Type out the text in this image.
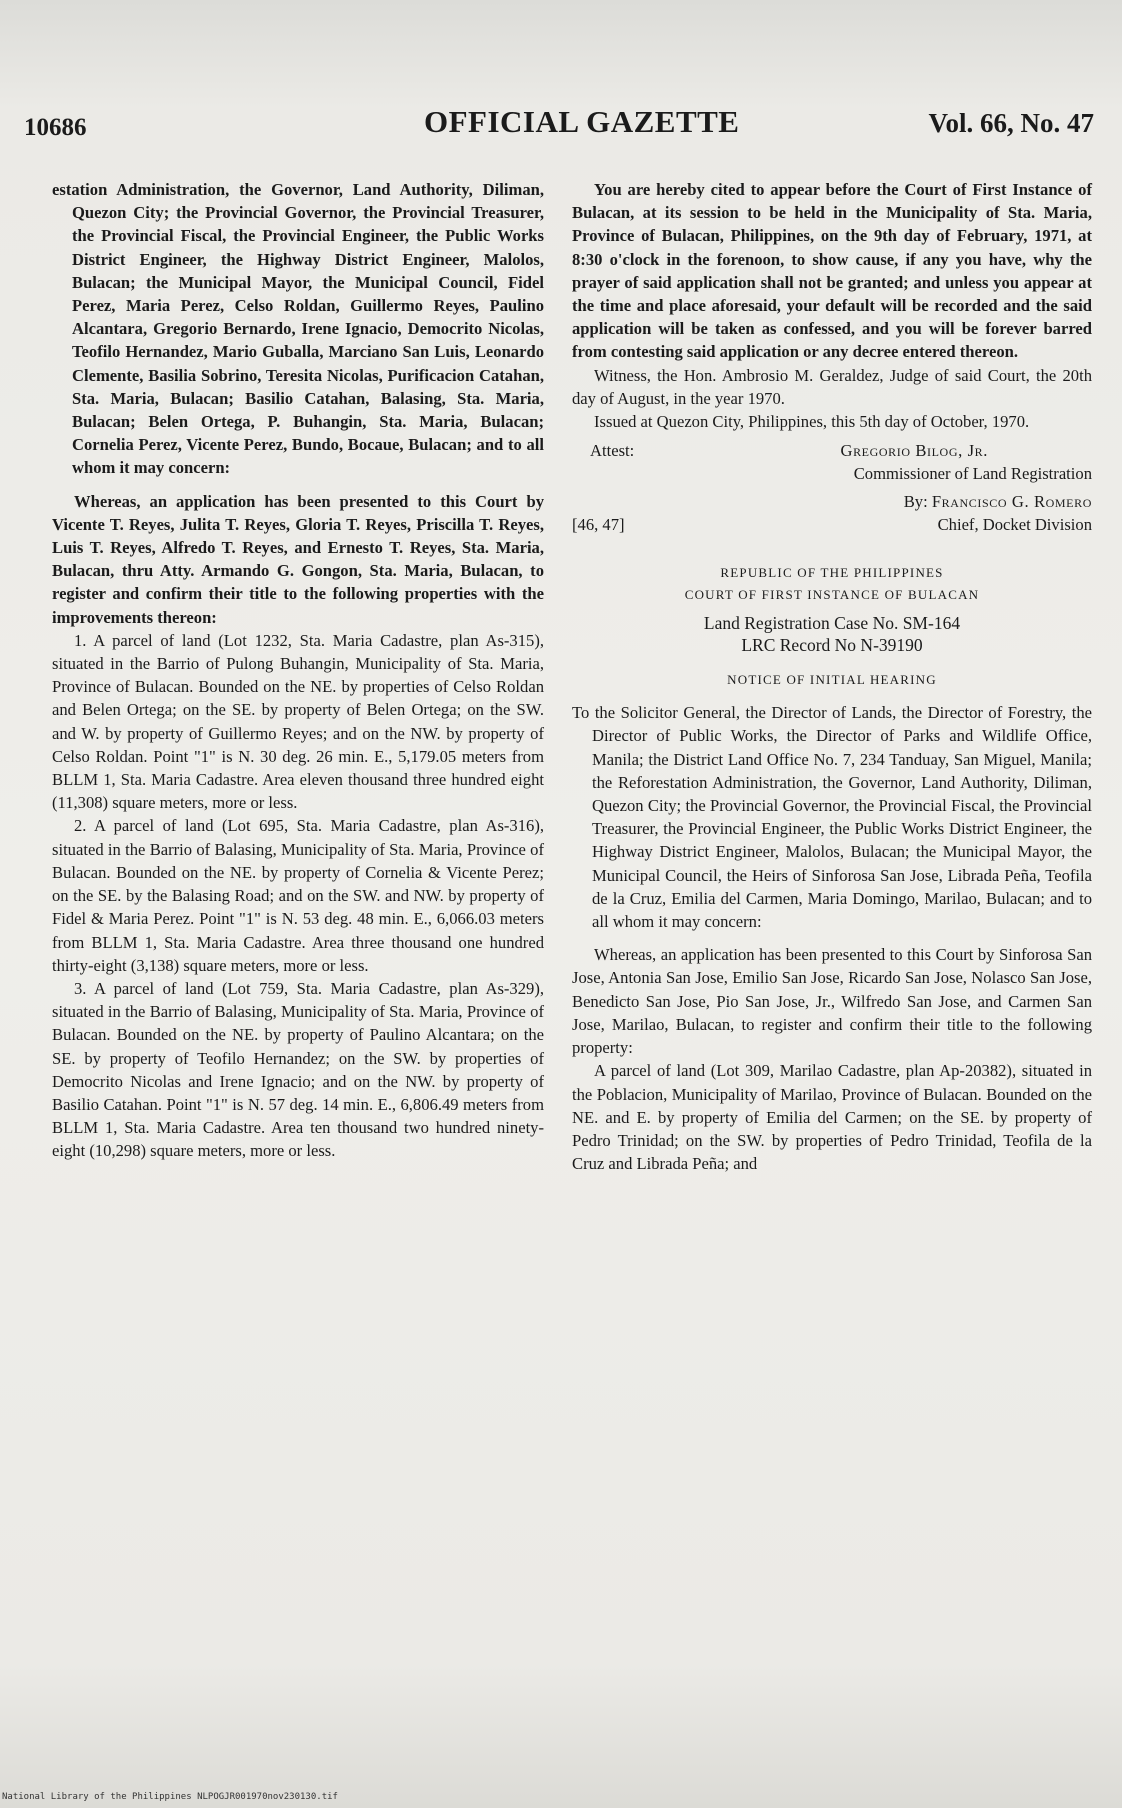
10686	OFFICIAL GAZETTE	Vol. 66, No. 47

estation Administration, the Governor, Land Authority, Diliman, Quezon City; the Provincial Governor, the Provincial Treasurer, the Provincial Fiscal, the Provincial Engineer, the Public Works District Engineer, the Highway District Engineer, Malolos, Bulacan; the Municipal Mayor, the Municipal Council, Fidel Perez, Maria Perez, Celso Roldan, Guillermo Reyes, Paulino Alcantara, Gregorio Bernardo, Irene Ignacio, Democrito Nicolas, Teofilo Hernandez, Mario Guballa, Marciano San Luis, Leonardo Clemente, Basilia Sobrino, Teresita Nicolas, Purificacion Catahan, Sta. Maria, Bulacan; Basilio Catahan, Balasing, Sta. Maria, Bulacan; Belen Ortega, P. Buhangin, Sta. Maria, Bulacan; Cornelia Perez, Vicente Perez, Bundo, Bocaue, Bulacan; and to all whom it may concern:

Whereas, an application has been presented to this Court by Vicente T. Reyes, Julita T. Reyes, Gloria T. Reyes, Priscilla T. Reyes, Luis T. Reyes, Alfredo T. Reyes, and Ernesto T. Reyes, Sta. Maria, Bulacan, thru Atty. Armando G. Gongon, Sta. Maria, Bulacan, to register and confirm their title to the following properties with the improvements thereon:

1. A parcel of land (Lot 1232, Sta. Maria Cadastre, plan As-315), situated in the Barrio of Pulong Buhangin, Municipality of Sta. Maria, Province of Bulacan. Bounded on the NE. by properties of Celso Roldan and Belen Ortega; on the SE. by property of Belen Ortega; on the SW. and W. by property of Guillermo Reyes; and on the NW. by property of Celso Roldan. Point "1" is N. 30 deg. 26 min. E., 5,179.05 meters from BLLM 1, Sta. Maria Cadastre. Area eleven thousand three hundred eight (11,308) square meters, more or less.

2. A parcel of land (Lot 695, Sta. Maria Cadastre, plan As-316), situated in the Barrio of Balasing, Municipality of Sta. Maria, Province of Bulacan. Bounded on the NE. by property of Cornelia & Vicente Perez; on the SE. by the Balasing Road; and on the SW. and NW. by property of Fidel & Maria Perez. Point "1" is N. 53 deg. 48 min. E., 6,066.03 meters from BLLM 1, Sta. Maria Cadastre. Area three thousand one hundred thirty-eight (3,138) square meters, more or less.

3. A parcel of land (Lot 759, Sta. Maria Cadastre, plan As-329), situated in the Barrio of Balasing, Municipality of Sta. Maria, Province of Bulacan. Bounded on the NE. by property of Paulino Alcantara; on the SE. by property of Teofilo Hernandez; on the SW. by properties of Democrito Nicolas and Irene Ignacio; and on the NW. by property of Basilio Catahan. Point "1" is N. 57 deg. 14 min. E., 6,806.49 meters from BLLM 1, Sta. Maria Cadastre. Area ten thousand two hundred ninety-eight (10,298) square meters, more or less.

You are hereby cited to appear before the Court of First Instance of Bulacan, at its session to be held in the Municipality of Sta. Maria, Province of Bulacan, Philippines, on the 9th day of February, 1971, at 8:30 o'clock in the forenoon, to show cause, if any you have, why the prayer of said application shall not be granted; and unless you appear at the time and place aforesaid, your default will be recorded and the said application will be taken as confessed, and you will be forever barred from contesting said application or any decree entered thereon.

Witness, the Hon. Ambrosio M. Geraldez, Judge of said Court, the 20th day of August, in the year 1970.

Issued at Quezon City, Philippines, this 5th day of October, 1970.

Attest:	Gregorio Bilog, Jr.
Commissioner of Land Registration
[46, 47]
By: Francisco G. Romero
Chief, Docket Division
REPUBLIC OF THE PHILIPPINES
COURT OF FIRST INSTANCE OF BULACAN
Land Registration Case No. SM-164
LRC Record No N-39190
NOTICE OF INITIAL HEARING

To the Solicitor General, the Director of Lands, the Director of Forestry, the Director of Public Works, the Director of Parks and Wildlife Office, Manila; the District Land Office No. 7, 234 Tanduay, San Miguel, Manila; the Reforestation Administration, the Governor, Land Authority, Diliman, Quezon City; the Provincial Governor, the Provincial Fiscal, the Provincial Treasurer, the Provincial Engineer, the Public Works District Engineer, the Highway District Engineer, Malolos, Bulacan; the Municipal Mayor, the Municipal Council, the Heirs of Sinforosa San Jose, Librada Peña, Teofila de la Cruz, Emilia del Carmen, Maria Domingo, Marilao, Bulacan; and to all whom it may concern:

Whereas, an application has been presented to this Court by Sinforosa San Jose, Antonia San Jose, Emilio San Jose, Ricardo San Jose, Nolasco San Jose, Benedicto San Jose, Pio San Jose, Jr., Wilfredo San Jose, and Carmen San Jose, Marilao, Bulacan, to register and confirm their title to the following property:

A parcel of land (Lot 309, Marilao Cadastre, plan Ap-20382), situated in the Poblacion, Municipality of Marilao, Province of Bulacan. Bounded on the NE. and E. by property of Emilia del Carmen; on the SE. by property of Pedro Trinidad; on the SW. by properties of Pedro Trinidad, Teofila de la Cruz and Librada Peña; and

National Library of the Philippines NLPOGJR001970nov230130.tif
